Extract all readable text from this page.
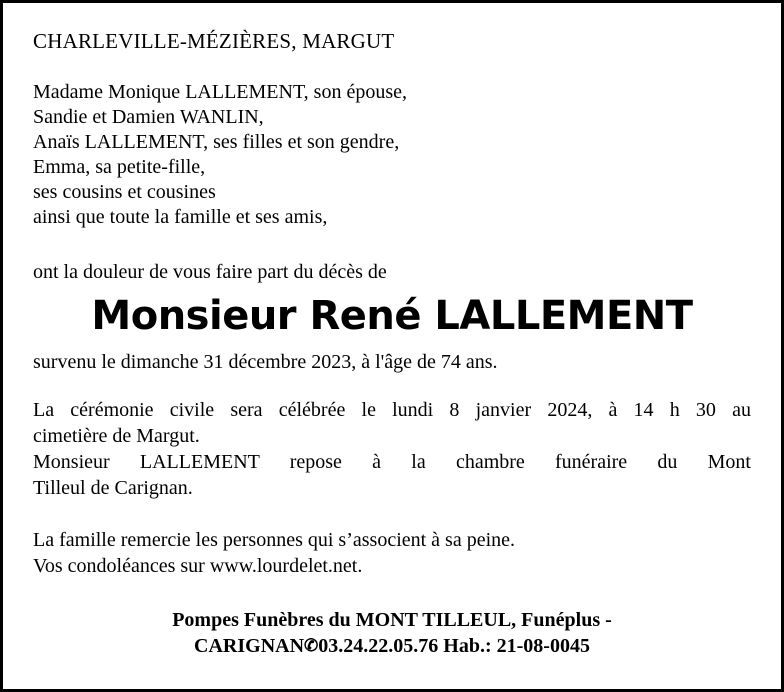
CHARLEVILLE-MÉZIÈRES, MARGUT
Madame Monique LALLEMENT, son épouse,
Sandie et Damien WANLIN,
Anaïs LALLEMENT, ses filles et son gendre,
Emma, sa petite-fille,
ses cousins et cousines
ainsi que toute la famille et ses amis,
ont la douleur de vous faire part du décès de
Monsieur René LALLEMENT
survenu le dimanche 31 décembre 2023, à l'âge de 74 ans.

La cérémonie civile sera célébrée le lundi 8 janvier 2024, à 14 h 30 au

cimetière de Margut.

Monsieur LALLEMENT repose à la chambre funéraire du Mont

Tilleul de Carignan.

La famille remercie les personnes qui s’associent à sa peine.

Vos condoléances sur www.lourdelet.net.

Pompes Funèbres du MONT TILLEUL, Funéplus -
CARIGNAN✆03.24.22.05.76 Hab.: 21-08-0045
